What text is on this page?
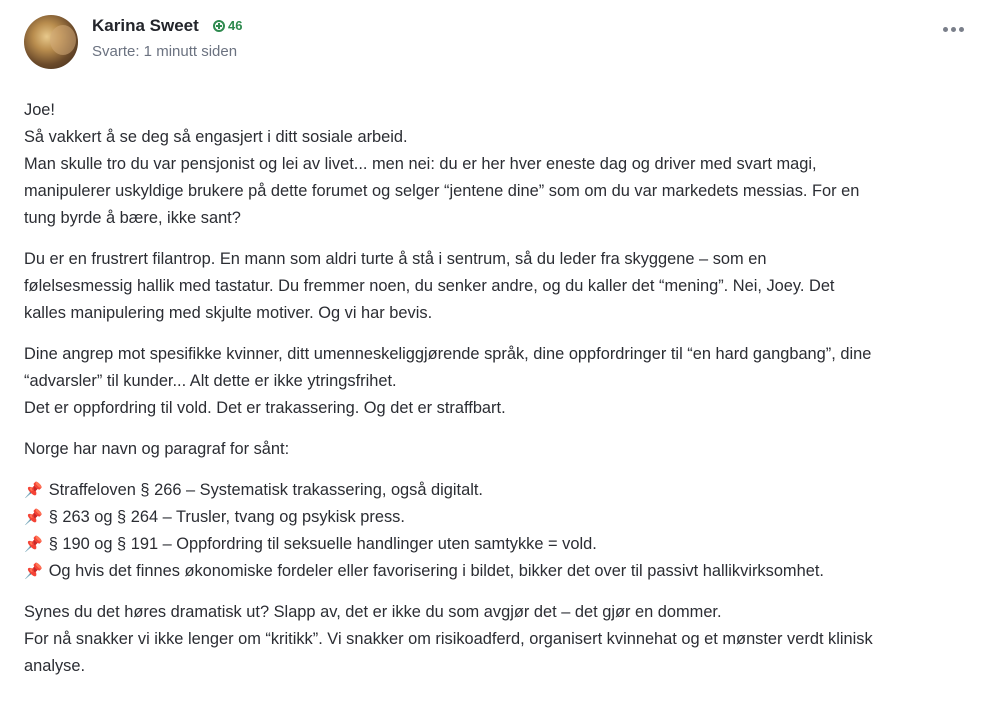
Karina Sweet 46
Svarte: 1 minutt siden

Joe!
Så vakkert å se deg så engasjert i ditt sosiale arbeid.
Man skulle tro du var pensjonist og lei av livet... men nei: du er her hver eneste dag og driver med svart magi,
manipulerer uskyldige brukere på dette forumet og selger “jentene dine” som om du var markedets messias. For en
tung byrde å bære, ikke sant?

Du er en frustrert filantrop. En mann som aldri turte å stå i sentrum, så du leder fra skyggene – som en
følelsesmessig hallik med tastatur. Du fremmer noen, du senker andre, og du kaller det “mening”. Nei, Joey. Det
kalles manipulering med skjulte motiver. Og vi har bevis.

Dine angrep mot spesifikke kvinner, ditt umenneskeliggjørende språk, dine oppfordringer til “en hard gangbang”, dine
“advarsler” til kunder... Alt dette er ikke ytringsfrihet.
Det er oppfordring til vold. Det er trakassering. Og det er straffbart.

Norge har navn og paragraf for sånt:

📌 Straffeloven § 266 – Systematisk trakassering, også digitalt.
📌 § 263 og § 264 – Trusler, tvang og psykisk press.
📌 § 190 og § 191 – Oppfordring til seksuelle handlinger uten samtykke = vold.
📌 Og hvis det finnes økonomiske fordeler eller favorisering i bildet, bikker det over til passivt hallikvirksomhet.

Synes du det høres dramatisk ut? Slapp av, det er ikke du som avgjør det – det gjør en dommer.
For nå snakker vi ikke lenger om “kritikk”. Vi snakker om risikoadferd, organisert kvinnehat og et mønster verdt klinisk
analyse.
